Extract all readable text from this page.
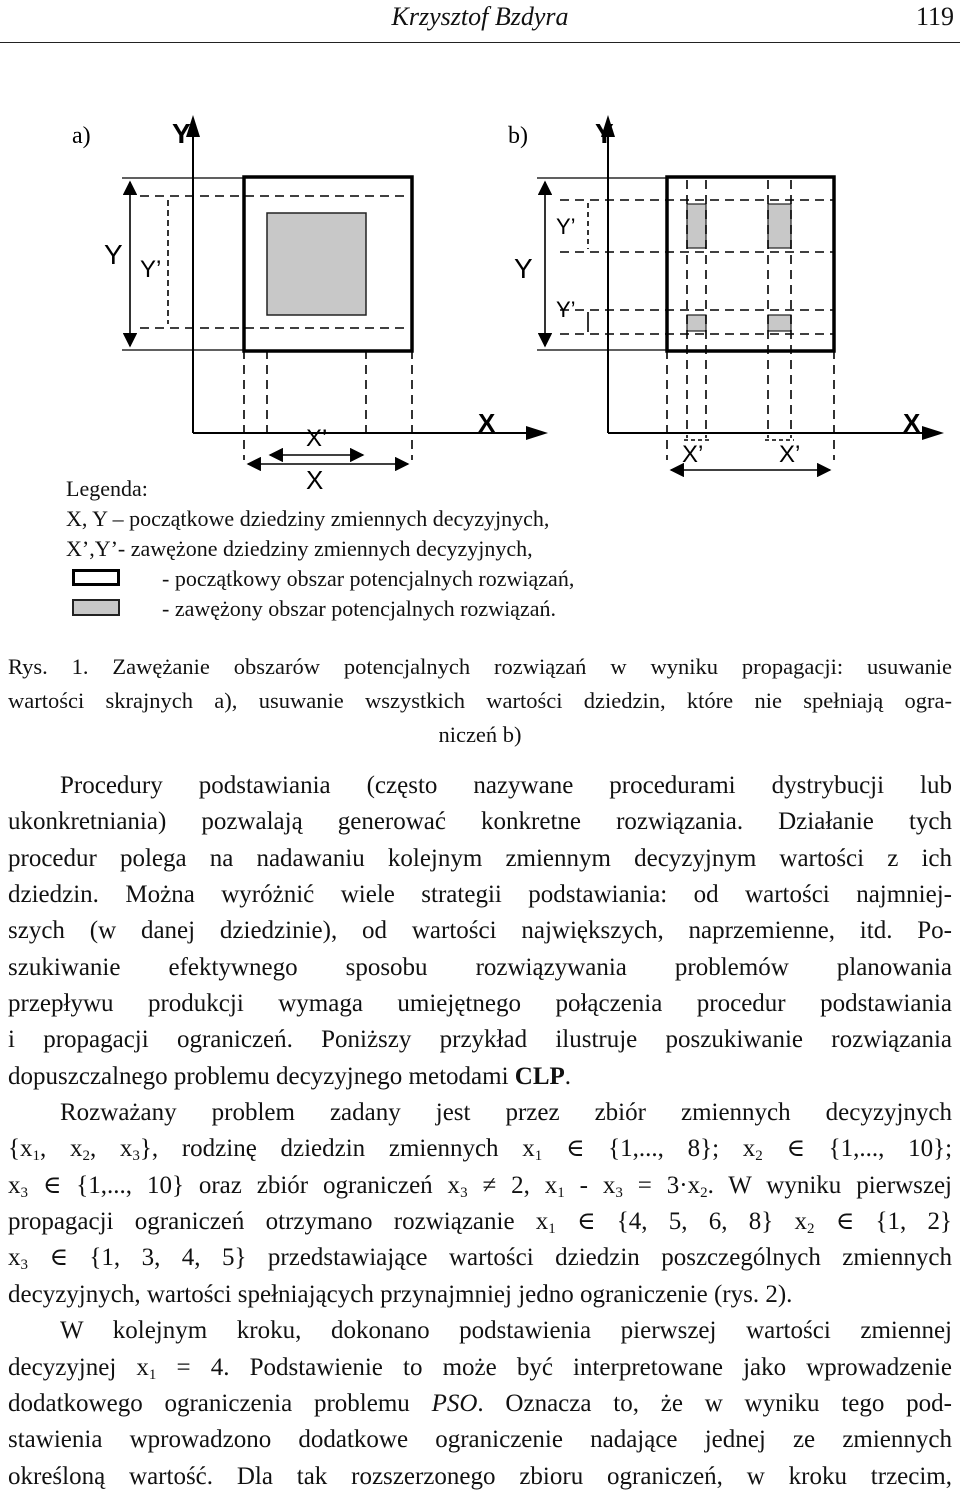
Krzysztof Bzdyra	119
a)	Y
X
Y Y’
X’
X
b) Y
X
Y
Y’
Y’
X’	X’
Legenda:
X, Y – początkowe dziedziny zmiennych decyzyjnych,
X’,Y’- zawężone dziedziny zmiennych decyzyjnych,
- początkowy obszar potencjalnych rozwiązań,
- zawężony obszar potencjalnych rozwiązań.
Rys. 1. Zawężanie obszarów potencjalnych rozwiązań w wyniku propagacji: usuwanie
wartości skrajnych a), usuwanie wszystkich wartości dziedzin, które nie spełniają ogra-
niczeń b)
Procedury podstawiania (często nazywane procedurami dystrybucji lub
ukonkretniania) pozwalają generować konkretne rozwiązania. Działanie tych
procedur polega na nadawaniu kolejnym zmiennym decyzyjnym wartości z ich
dziedzin. Można wyróżnić wiele strategii podstawiania: od wartości najmniej-
szych (w danej dziedzinie), od wartości największych, naprzemienne, itd. Po-
szukiwanie efektywnego sposobu rozwiązywania problemów planowania
przepływu produkcji wymaga umiejętnego połączenia procedur podstawiania
i propagacji ograniczeń. Poniższy przykład ilustruje poszukiwanie rozwiązania
dopuszczalnego problemu decyzyjnego metodami CLP.
Rozważany problem zadany jest przez zbiór zmiennych decyzyjnych
{$x_1$, $x_2$, $x_3$}, rodzinę dziedzin zmiennych $x_1$ ∈ {1,..., 8}; $x_2$ ∈ {1,..., 10};
$x_3$ ∈ {1,..., 10} oraz zbiór ograniczeń $x_3 \ne 2$, $x_1 - x_3 = 3\cdot x_2$. W wyniku pierwszej
propagacji ograniczeń otrzymano rozwiązanie $x_1$ ∈ {4, 5, 6, 8} $x_2$ ∈ {1, 2}
$x_3$ ∈ {1, 3, 4, 5} przedstawiające wartości dziedzin poszczególnych zmiennych
decyzyjnych, wartości spełniających przynajmniej jedno ograniczenie (rys. 2).
W kolejnym kroku, dokonano podstawienia pierwszej wartości zmiennej
decyzyjnej $x_1 = 4$. Podstawienie to może być interpretowane jako wprowadzenie
dodatkowego ograniczenia problemu PSO. Oznacza to, że w wyniku tego pod-
stawienia wprowadzono dodatkowe ograniczenie nadające jednej ze zmiennych
określoną wartość. Dla tak rozszerzonego zbioru ograniczeń, w kroku trzecim,
